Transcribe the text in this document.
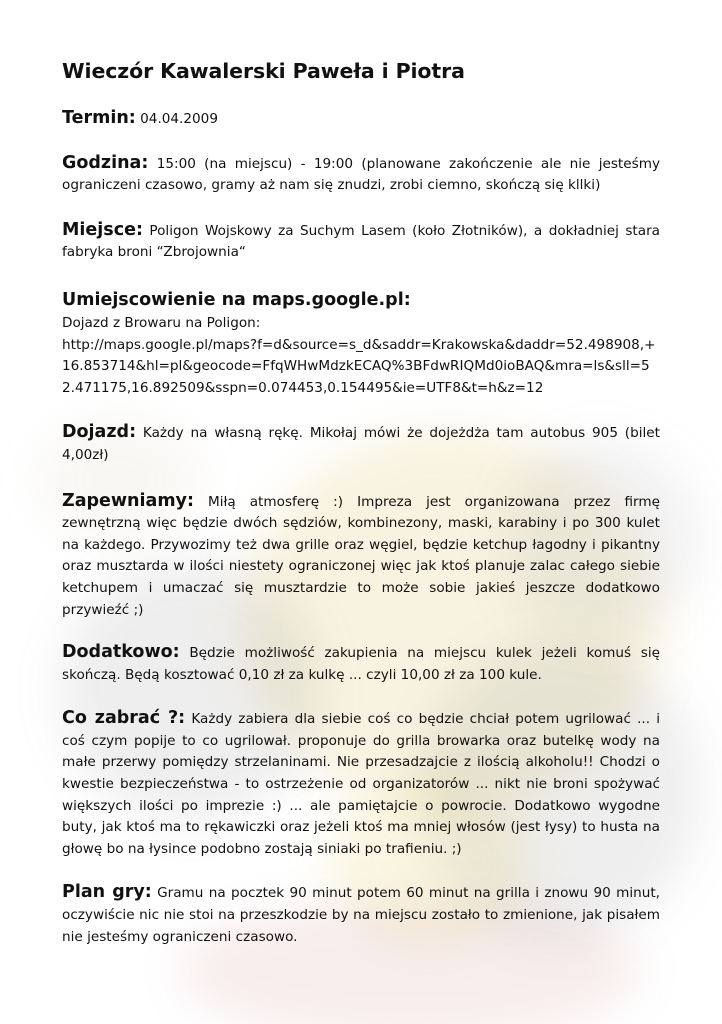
Wieczór Kawalerski Pawełа i Piotra

Termin: 04.04.2009

Godzina: 15:00 (na miejscu) - 19:00 (planowane zakończenie ale nie jesteśmy ograniczeni czasowo, gramy aż nam się znudzi, zrobi ciemno, skończą się kllki)

Miejsce: Poligon Wojskowy za Suchym Lasem (koło Złotników), a dokładniej stara fabryka broni “Zbrojownia“

Umiejscowienie na maps.google.pl:
Dojazd z Browaru na Poligon:
http://maps.google.pl/maps?f=d&source=s_d&saddr=Krakowska&daddr=52.498908,+16.853714&hl=pl&geocode=FfqWHwMdzkECAQ%3BFdwRIQMd0ioBAQ&mra=ls&sll=52.471175,16.892509&sspn=0.074453,0.154495&ie=UTF8&t=h&z=12

Dojazd: Każdy na własną rękę. Mikołaj mówi że dojeżdża tam autobus 905 (bilet 4,00zł)

Zapewniamy: Miłą atmosferę :) Impreza jest organizowana przez firmę zewnętrzną więc będzie dwóch sędziów, kombinezony, maski, karabiny i po 300 kulet na każdego. Przywozimy też dwa grille oraz węgiel, będzie ketchup łagodny i pikantny oraz musztarda w ilości niestety ograniczonej więc jak ktoś planuje zalac całego siebie ketchupem i umaczać się musztardzie to może sobie jakieś jeszcze dodatkowo przywieźć ;)

Dodatkowo: Będzie możliwość zakupienia na miejscu kulek jeżeli komuś się skończą. Będą kosztować 0,10 zł za kulkę ... czyli 10,00 zł za 100 kule.

Co zabrać ?: Każdy zabiera dla siebie coś co będzie chciał potem ugrilować ... i coś czym popije to co ugrilował. proponuje do grilla browarka oraz butelkę wody na małe przerwy pomiędzy strzelaninami. Nie przesadzajcie z ilością alkoholu!! Chodzi o kwestie bezpieczeństwa - to ostrzeżenie od organizatorów ... nikt nie broni spożywać większych ilości po imprezie :) ... ale pamiętajcie o powrocie. Dodatkowo wygodne buty, jak ktoś ma to rękawiczki oraz jeżeli ktoś ma mniej włosów (jest łysy) to husta na głowę bo na łysince podobno zostają siniaki po trafieniu. ;)

Plan gry: Gramu na pocztek 90 minut potem 60 minut na grilla i znowu 90 minut, oczywiście nic nie stoi na przeszkodzie by na miejscu zostało to zmienione, jak pisałem nie jesteśmy ograniczeni czasowo.
